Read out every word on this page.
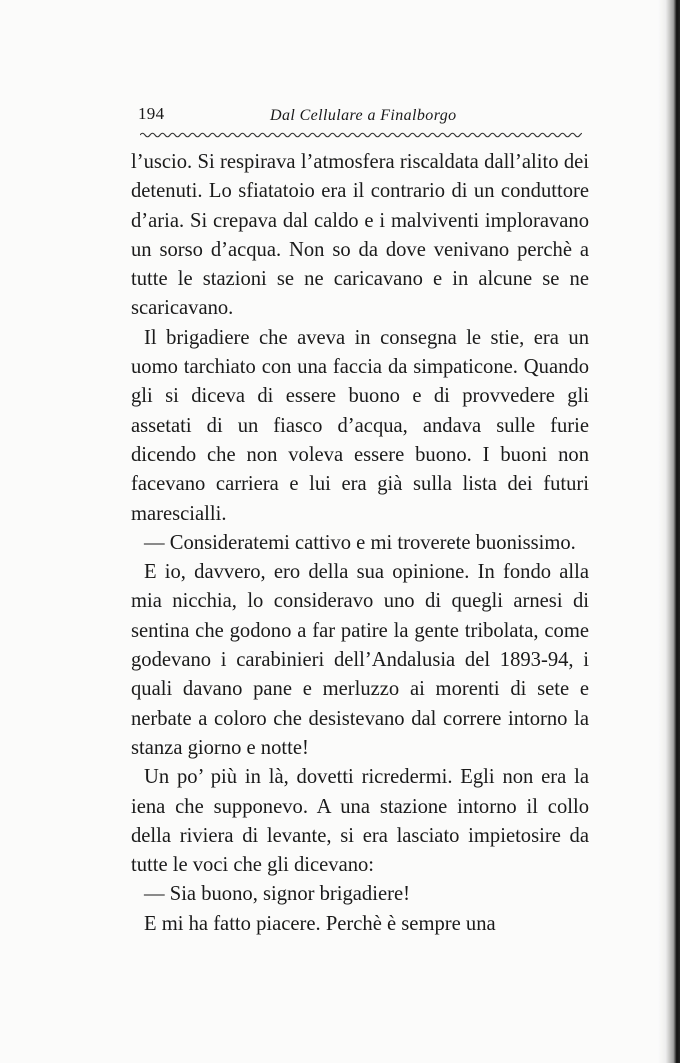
194	Dal Cellulare a Finalborgo

l’uscio. Si respirava l’atmosfera riscaldata dall’alito dei detenuti. Lo sfiatatoio era il contrario di un conduttore d’aria. Si crepava dal caldo e i malviventi imploravano un sorso d’acqua. Non so da dove venivano perchè a tutte le stazioni se ne caricavano e in alcune se ne scaricavano.

Il brigadiere che aveva in consegna le stie, era un uomo tarchiato con una faccia da simpaticone. Quando gli si diceva di essere buono e di provvedere gli assetati di un fiasco d’acqua, andava sulle furie dicendo che non voleva essere buono. I buoni non facevano carriera e lui era già sulla lista dei futuri marescialli.

— Consideratemi cattivo e mi troverete buonissimo.

E io, davvero, ero della sua opinione. In fondo alla mia nicchia, lo consideravo uno di quegli arnesi di sentina che godono a far patire la gente tribolata, come godevano i carabinieri dell’Andalusia del 1893-94, i quali davano pane e merluzzo ai morenti di sete e nerbate a coloro che desistevano dal correre intorno la stanza giorno e notte!

Un po’ più in là, dovetti ricredermi. Egli non era la iena che supponevo. A una stazione intorno il collo della riviera di levante, si era lasciato impietosire da tutte le voci che gli dicevano:

— Sia buono, signor brigadiere!

E mi ha fatto piacere. Perchè è sempre una
